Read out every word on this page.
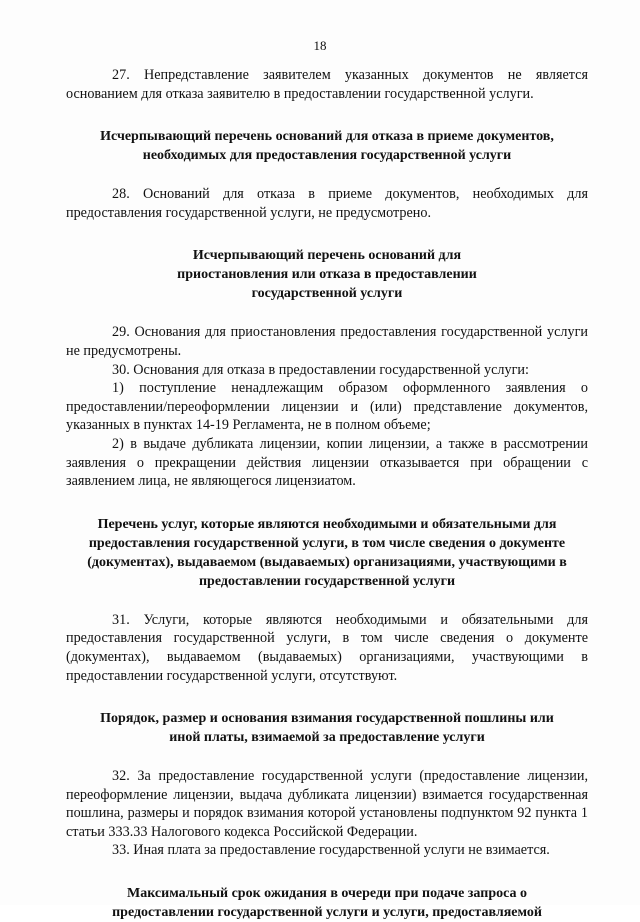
18

27. Непредставление заявителем указанных документов не является основанием для отказа заявителю в предоставлении государственной услуги.

Исчерпывающий перечень оснований для отказа в приеме документов, необходимых для предоставления государственной услуги

28. Оснований для отказа в приеме документов, необходимых для предоставления государственной услуги, не предусмотрено.

Исчерпывающий перечень оснований для приостановления или отказа в предоставлении государственной услуги

29. Основания для приостановления предоставления государственной услуги не предусмотрены.

30. Основания для отказа в предоставлении государственной услуги:

1) поступление ненадлежащим образом оформленного заявления о предоставлении/переоформлении лицензии и (или) представление документов, указанных в пунктах 14-19 Регламента, не в полном объеме;

2) в выдаче дубликата лицензии, копии лицензии, а также в рассмотрении заявления о прекращении действия лицензии отказывается при обращении с заявлением лица, не являющегося лицензиатом.

Перечень услуг, которые являются необходимыми и обязательными для предоставления государственной услуги, в том числе сведения о документе (документах), выдаваемом (выдаваемых) организациями, участвующими в предоставлении государственной услуги

31. Услуги, которые являются необходимыми и обязательными для предоставления государственной услуги, в том числе сведения о документе (документах), выдаваемом (выдаваемых) организациями, участвующими в предоставлении государственной услуги, отсутствуют.

Порядок, размер и основания взимания государственной пошлины или иной платы, взимаемой за предоставление услуги

32. За предоставление государственной услуги (предоставление лицензии, переоформление лицензии, выдача дубликата лицензии) взимается государственная пошлина, размеры и порядок взимания которой установлены подпунктом 92 пункта 1 статьи 333.33 Налогового кодекса Российской Федерации.

33. Иная плата за предоставление государственной услуги не взимается.

Максимальный срок ожидания в очереди при подаче запроса о предоставлении государственной услуги и услуги, предоставляемой
